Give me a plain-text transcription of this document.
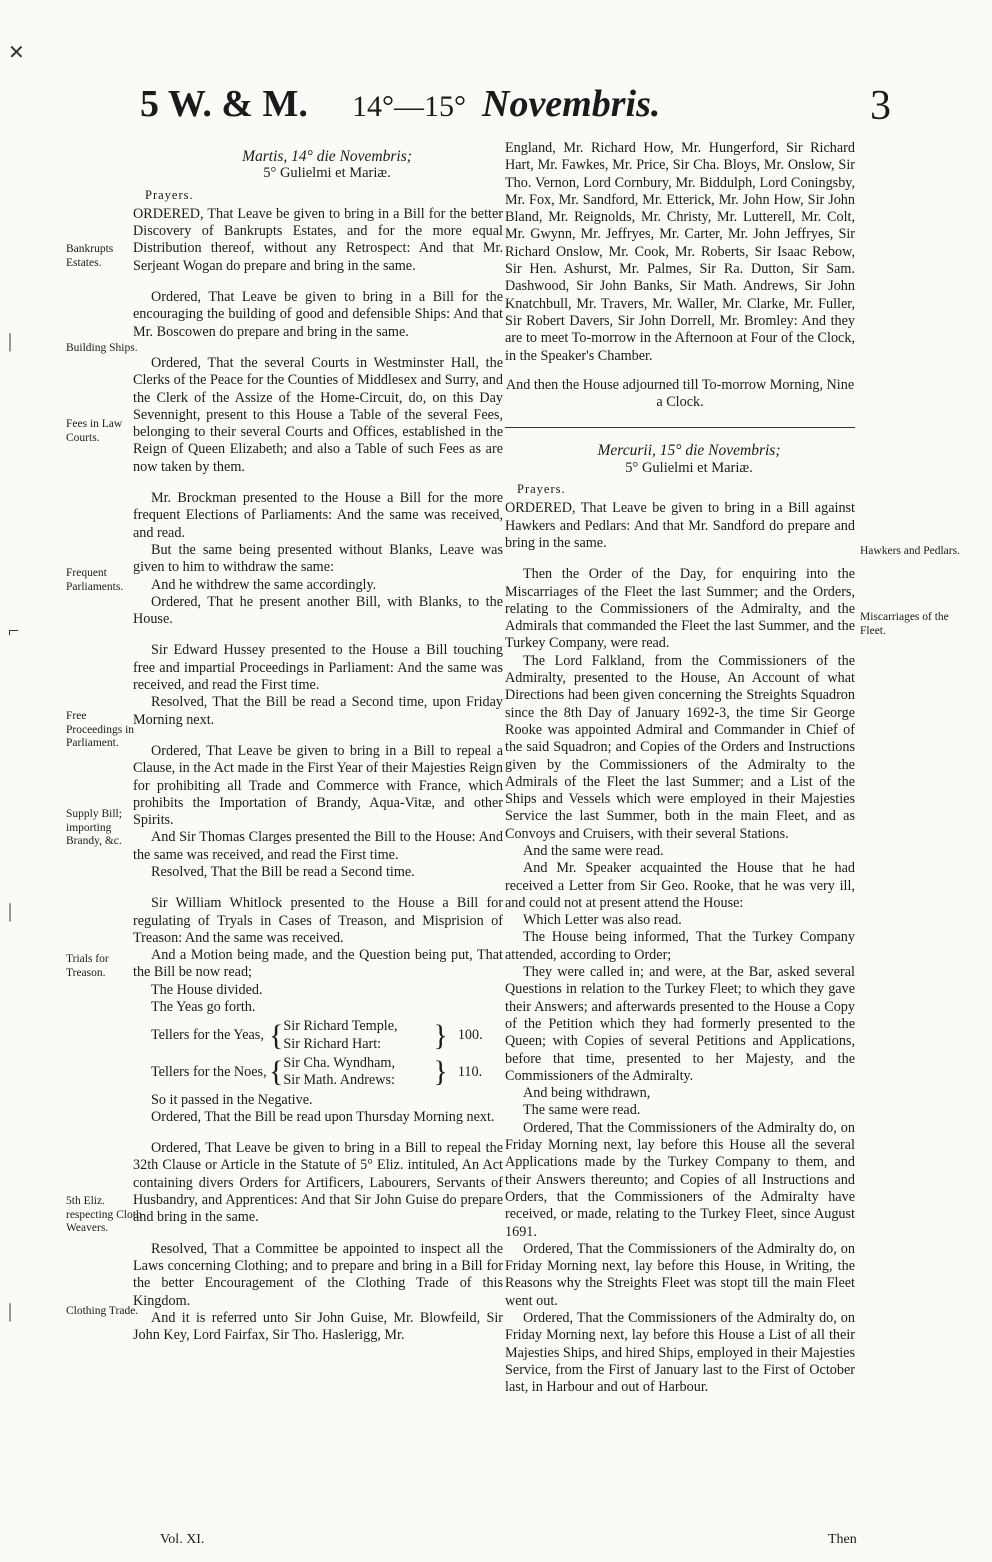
✕
|
⌐
|
|
5 W. & M. 14°—15° Novembris.	3

Martis, 14° die Novembris;

5° Gulielmi et Mariæ.

Prayers.

ORDERED, That Leave be given to bring in a Bill for the better Discovery of Bankrupts Estates, and for the more equal Distribution thereof, without any Retrospect: And that Mr. Serjeant Wogan do prepare and bring in the same.

Ordered, That Leave be given to bring in a Bill for the encouraging the building of good and defensible Ships: And that Mr. Boscowen do prepare and bring in the same.

Ordered, That the several Courts in Westminster Hall, the Clerks of the Peace for the Counties of Middlesex and Surry, and the Clerk of the Assize of the Home-Circuit, do, on this Day Sevennight, present to this House a Table of the several Fees, belonging to their several Courts and Offices, established in the Reign of Queen Elizabeth; and also a Table of such Fees as are now taken by them.

Mr. Brockman presented to the House a Bill for the more frequent Elections of Parliaments: And the same was received, and read.

But the same being presented without Blanks, Leave was given to him to withdraw the same:

And he withdrew the same accordingly.

Ordered, That he present another Bill, with Blanks, to the House.

Sir Edward Hussey presented to the House a Bill touching free and impartial Proceedings in Parliament: And the same was received, and read the First time.

Resolved, That the Bill be read a Second time, upon Friday Morning next.

Ordered, That Leave be given to bring in a Bill to repeal a Clause, in the Act made in the First Year of their Majesties Reign for prohibiting all Trade and Commerce with France, which prohibits the Importation of Brandy, Aqua-Vitæ, and other Spirits.

And Sir Thomas Clarges presented the Bill to the House: And the same was received, and read the First time.

Resolved, That the Bill be read a Second time.

Sir William Whitlock presented to the House a Bill for regulating of Tryals in Cases of Treason, and Misprision of Treason: And the same was received.

And a Motion being made, and the Question being put, That the Bill be now read;

The House divided.

The Yeas go forth.

Tellers for the Yeas, { Sir Richard Temple,
Sir Richard Hart:	} 100.
Tellers for the Noes, { Sir Cha. Wyndham,
Sir Math. Andrews:	} 110.

So it passed in the Negative.

Ordered, That the Bill be read upon Thursday Morning next.

Ordered, That Leave be given to bring in a Bill to repeal the 32th Clause or Article in the Statute of 5° Eliz. intituled, An Act containing divers Orders for Artificers, Labourers, Servants of Husbandry, and Apprentices: And that Sir John Guise do prepare and bring in the same.

Resolved, That a Committee be appointed to inspect all the Laws concerning Clothing; and to prepare and bring in a Bill for the better Encouragement of the Clothing Trade of this Kingdom.

And it is referred unto Sir John Guise, Mr. Blowfeild, Sir John Key, Lord Fairfax, Sir Tho. Haslerigg, Mr.

Bankrupts Estates.
Building Ships.
Fees in Law Courts.
Frequent Parliaments.
Free Proceedings in Parliament.
Supply Bill; importing Brandy, &c.
Trials for Treason.
5th Eliz. respecting Cloth Weavers.
Clothing Trade.

England, Mr. Richard How, Mr. Hungerford, Sir Richard Hart, Mr. Fawkes, Mr. Price, Sir Cha. Bloys, Mr. Onslow, Sir Tho. Vernon, Lord Cornbury, Mr. Biddulph, Lord Coningsby, Mr. Fox, Mr. Sandford, Mr. Etterick, Mr. John How, Sir John Bland, Mr. Reignolds, Mr. Christy, Mr. Lutterell, Mr. Colt, Mr. Gwynn, Mr. Jeffryes, Mr. Carter, Mr. John Jeffryes, Sir Richard Onslow, Mr. Cook, Mr. Roberts, Sir Isaac Rebow, Sir Hen. Ashurst, Mr. Palmes, Sir Ra. Dutton, Sir Sam. Dashwood, Sir John Banks, Sir Math. Andrews, Sir John Knatchbull, Mr. Travers, Mr. Waller, Mr. Clarke, Mr. Fuller, Sir Robert Davers, Sir John Dorrell, Mr. Bromley: And they are to meet To-morrow in the Afternoon at Four of the Clock, in the Speaker's Chamber.

And then the House adjourned till To-morrow Morning, Nine a Clock.

Mercurii, 15° die Novembris;

5° Gulielmi et Mariæ.

Prayers.

ORDERED, That Leave be given to bring in a Bill against Hawkers and Pedlars: And that Mr. Sandford do prepare and bring in the same.

Then the Order of the Day, for enquiring into the Miscarriages of the Fleet the last Summer; and the Orders, relating to the Commissioners of the Admiralty, and the Admirals that commanded the Fleet the last Summer, and the Turkey Company, were read.

The Lord Falkland, from the Commissioners of the Admiralty, presented to the House, An Account of what Directions had been given concerning the Streights Squadron since the 8th Day of January 1692-3, the time Sir George Rooke was appointed Admiral and Commander in Chief of the said Squadron; and Copies of the Orders and Instructions given by the Commissioners of the Admiralty to the Admirals of the Fleet the last Summer; and a List of the Ships and Vessels which were employed in their Majesties Service the last Summer, both in the main Fleet, and as Convoys and Cruisers, with their several Stations.

And the same were read.

And Mr. Speaker acquainted the House that he had received a Letter from Sir Geo. Rooke, that he was very ill, and could not at present attend the House:

Which Letter was also read.

The House being informed, That the Turkey Company attended, according to Order;

They were called in; and were, at the Bar, asked several Questions in relation to the Turkey Fleet; to which they gave their Answers; and afterwards presented to the House a Copy of the Petition which they had formerly presented to the Queen; with Copies of several Petitions and Applications, before that time, presented to her Majesty, and the Commissioners of the Admiralty.

And being withdrawn,

The same were read.

Ordered, That the Commissioners of the Admiralty do, on Friday Morning next, lay before this House all the several Applications made by the Turkey Company to them, and their Answers thereunto; and Copies of all Instructions and Orders, that the Commissioners of the Admiralty have received, or made, relating to the Turkey Fleet, since August 1691.

Ordered, That the Commissioners of the Admiralty do, on Friday Morning next, lay before this House, in Writing, the Reasons why the Streights Fleet was stopt till the main Fleet went out.

Ordered, That the Commissioners of the Admiralty do, on Friday Morning next, lay before this House a List of all their Majesties Ships, and hired Ships, employed in their Majesties Service, from the First of January last to the First of October last, in Harbour and out of Harbour.

Hawkers and Pedlars.
Miscarriages of the Fleet.
Vol. XI.	Then
